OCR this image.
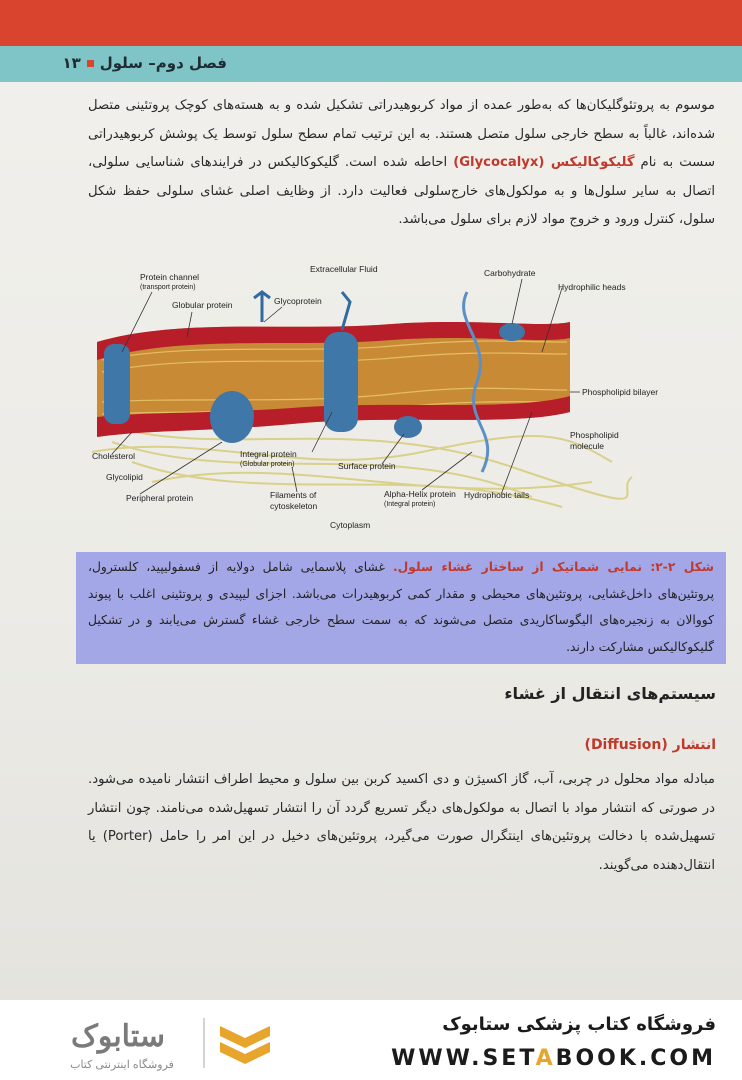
فصل دوم– سلول۱۳
موسوم به پروتئوگلیکان‌ها که به‌طور عمده از مواد کربوهیدراتی تشکیل شده و به هسته‌های کوچک پروتئینی متصل شده‌اند، غالباً به سطح خارجی سلول متصل هستند. به این ترتیب تمام سطح سلول توسط یک پوشش کربوهیدراتی سست به نام گلیکوکالیکس (Glycocalyx) احاطه شده است. گلیکوکالیکس در فرایندهای شناسایی سلولی، اتصال به سایر سلول‌ها و به مولکول‌های خارج‌سلولی فعالیت دارد. از وظایف اصلی غشای سلولی حفظ شکل سلول، کنترل ورود و خروج مواد لازم برای سلول می‌باشد.
Extracellular Fluid
Protein channel
(transport protein)
Globular protein	Glycoprotein
Carbohydrate
Hydrophilic heads
Phospholipid bilayer
Phospholipid
molecule
Cholesterol
Glycolipid
Peripheral protein
Integral protein
(Globular protein)	Surface protein
Filaments of
cytoskeleton
Alpha-Helix protein
(Integral protein)
Hydrophobic tails
Cytoplasm
شکل ۲-۲: نمایی شماتیک از ساختار غشاء سلول. غشای پلاسمایی شامل دولایه از فسفولیپید، کلسترول، پروتئین‌های داخل‌غشایی، پروتئین‌های محیطی و مقدار کمی کربوهیدرات می‌باشد. اجزای لیپیدی و پروتئینی اغلب با پیوند کووالان به زنجیره‌های الیگوساکاریدی متصل می‌شوند که به سمت سطح خارجی غشاء گسترش می‌یابند و در تشکیل گلیکوکالیکس مشارکت دارند.
سیستم‌های انتقال از غشاء
انتشار (Diffusion)
مبادله مواد محلول در چربی، آب، گاز اکسیژن و دی اکسید کربن بین سلول و محیط اطراف انتشار نامیده می‌شود. در صورتی که انتشار مواد با اتصال به مولکول‌های دیگر تسریع گردد آن را انتشار تسهیل‌شده می‌نامند. چون انتشار تسهیل‌شده با دخالت پروتئین‌های اینتگرال صورت می‌گیرد، پروتئین‌های دخیل در این امر را حامل (Porter) یا انتقال‌دهنده می‌گویند.
ستابوک
فروشگاه اینترنتی کتاب
فروشگاه کتاب پزشکی ستابوک
WWW.SETABOOK.COM
